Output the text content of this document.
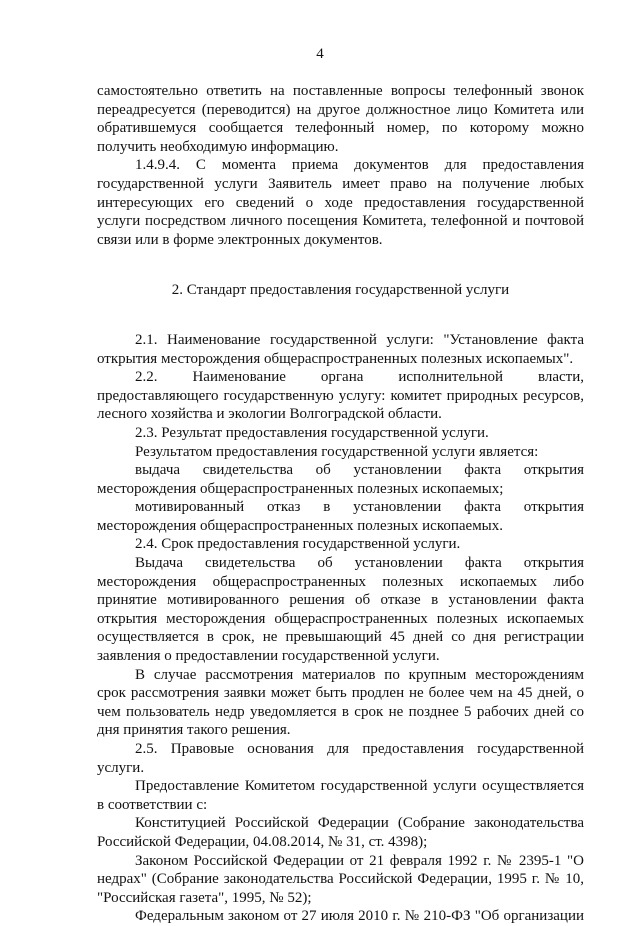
4

самостоятельно ответить на поставленные вопросы телефонный звонок переадресуется (переводится) на другое должностное лицо Комитета или обратившемуся сообщается телефонный номер, по которому можно получить необходимую информацию.

1.4.9.4. С момента приема документов для предоставления государственной услуги Заявитель имеет право на получение любых интересующих его сведений о ходе предоставления государственной услуги посредством личного посещения Комитета, телефонной и почтовой связи или в форме электронных документов.

2. Стандарт предоставления государственной услуги

2.1. Наименование государственной услуги: "Установление факта открытия месторождения общераспространенных полезных ископаемых".

2.2. Наименование органа исполнительной власти, предоставляющего государственную услугу: комитет природных ресурсов, лесного хозяйства и экологии Волгоградской области.

2.3. Результат предоставления государственной услуги.

Результатом предоставления государственной услуги является:

выдача свидетельства об установлении факта открытия месторождения общераспространенных полезных ископаемых;

мотивированный отказ в установлении факта открытия месторождения общераспространенных полезных ископаемых.

2.4. Срок предоставления государственной услуги.

Выдача свидетельства об установлении факта открытия месторождения общераспространенных полезных ископаемых либо принятие мотивированного решения об отказе в установлении факта открытия месторождения общераспространенных полезных ископаемых осуществляется в срок, не превышающий 45 дней со дня регистрации заявления о предоставлении государственной услуги.

В случае рассмотрения материалов по крупным месторождениям срок рассмотрения заявки может быть продлен не более чем на 45 дней, о чем пользователь недр уведомляется в срок не позднее 5 рабочих дней со дня принятия такого решения.

2.5. Правовые основания для предоставления государственной услуги.

Предоставление Комитетом государственной услуги осуществляется в соответствии с:

Конституцией Российской Федерации (Собрание законодательства Российской Федерации, 04.08.2014, № 31, ст. 4398);

Законом Российской Федерации от 21 февраля 1992 г. № 2395-1 "О недрах" (Собрание законодательства Российской Федерации, 1995 г. № 10, "Российская газета", 1995, № 52);

Федеральным законом от 27 июля 2010 г. № 210-ФЗ "Об организации
